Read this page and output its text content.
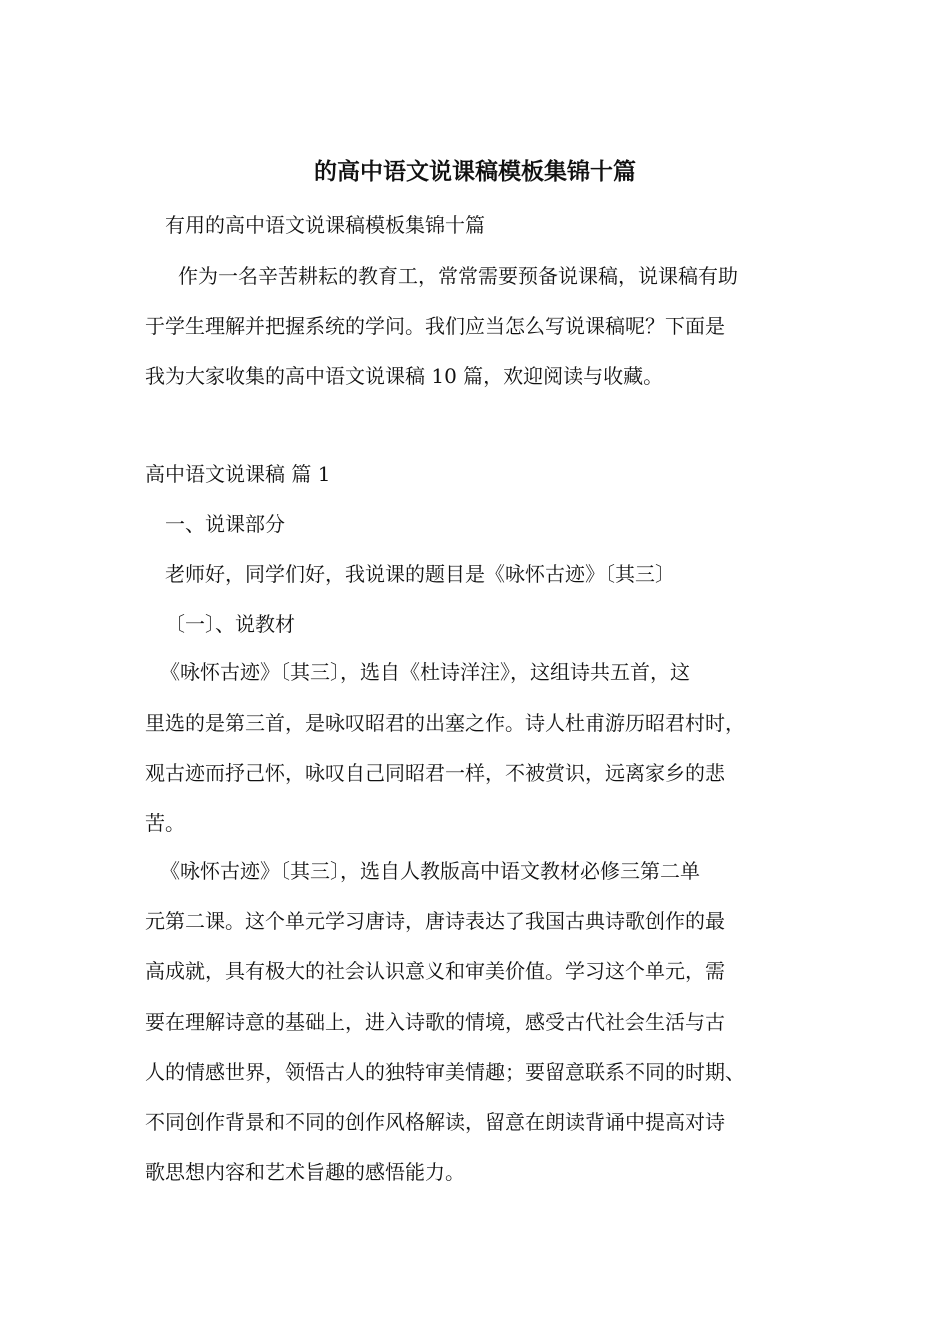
的高中语文说课稿模板集锦十篇

有用的高中语文说课稿模板集锦十篇

作为一名辛苦耕耘的教育工，常常需要预备说课稿，说课稿有助

于学生理解并把握系统的学问。我们应当怎么写说课稿呢？下面是

我为大家收集的高中语文说课稿 10 篇，欢迎阅读与收藏。

高中语文说课稿 篇 1

一、说课部分

老师好，同学们好，我说课的题目是《咏怀古迹》〔其三〕

〔一〕、说教材

《咏怀古迹》〔其三〕，选自《杜诗洋注》，这组诗共五首，这

里选的是第三首，是咏叹昭君的出塞之作。诗人杜甫游历昭君村时，

观古迹而抒己怀，咏叹自己同昭君一样，不被赏识，远离家乡的悲

苦。

《咏怀古迹》〔其三〕，选自人教版高中语文教材必修三第二单

元第二课。这个单元学习唐诗，唐诗表达了我国古典诗歌创作的最

高成就，具有极大的社会认识意义和审美价值。学习这个单元，需

要在理解诗意的基础上，进入诗歌的情境，感受古代社会生活与古

人的情感世界，领悟古人的独特审美情趣；要留意联系不同的时期、

不同创作背景和不同的创作风格解读，留意在朗读背诵中提高对诗

歌思想内容和艺术旨趣的感悟能力。
